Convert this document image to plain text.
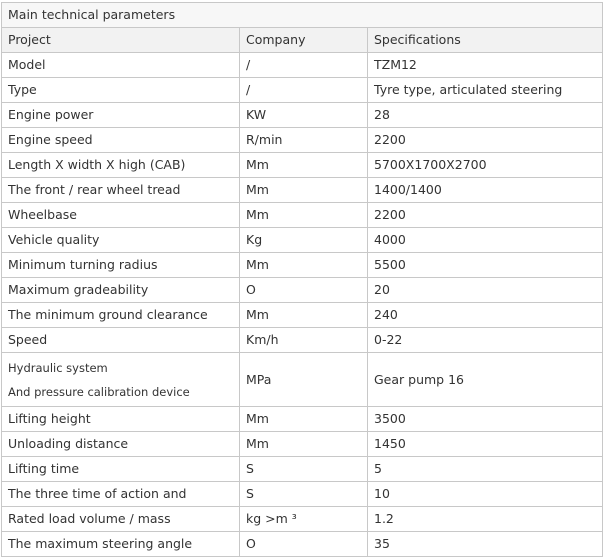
Main technical parameters		
Project	Company	Specifications
Model	/	TZM12
Type	/	Tyre type, articulated steering
Engine power	KW	28
Engine speed	R/min	2200
Length X width X high (CAB)	Mm	5700X1700X2700
The front / rear wheel tread	Mm	1400/1400
Wheelbase	Mm	2200
Vehicle quality	Kg	4000
Minimum turning radius	Mm	5500
Maximum gradeability	O	20
The minimum ground clearance	Mm	240
Speed	Km/h	0-22

Hydraulic system
And pressure calibration device	MPa	Gear pump 16
Lifting height	Mm	3500
Unloading distance	Mm	1450
Lifting time	S	5
The three time of action and	S	10
Rated load volume / mass	kg >m ³	1.2
The maximum steering angle	O	35
